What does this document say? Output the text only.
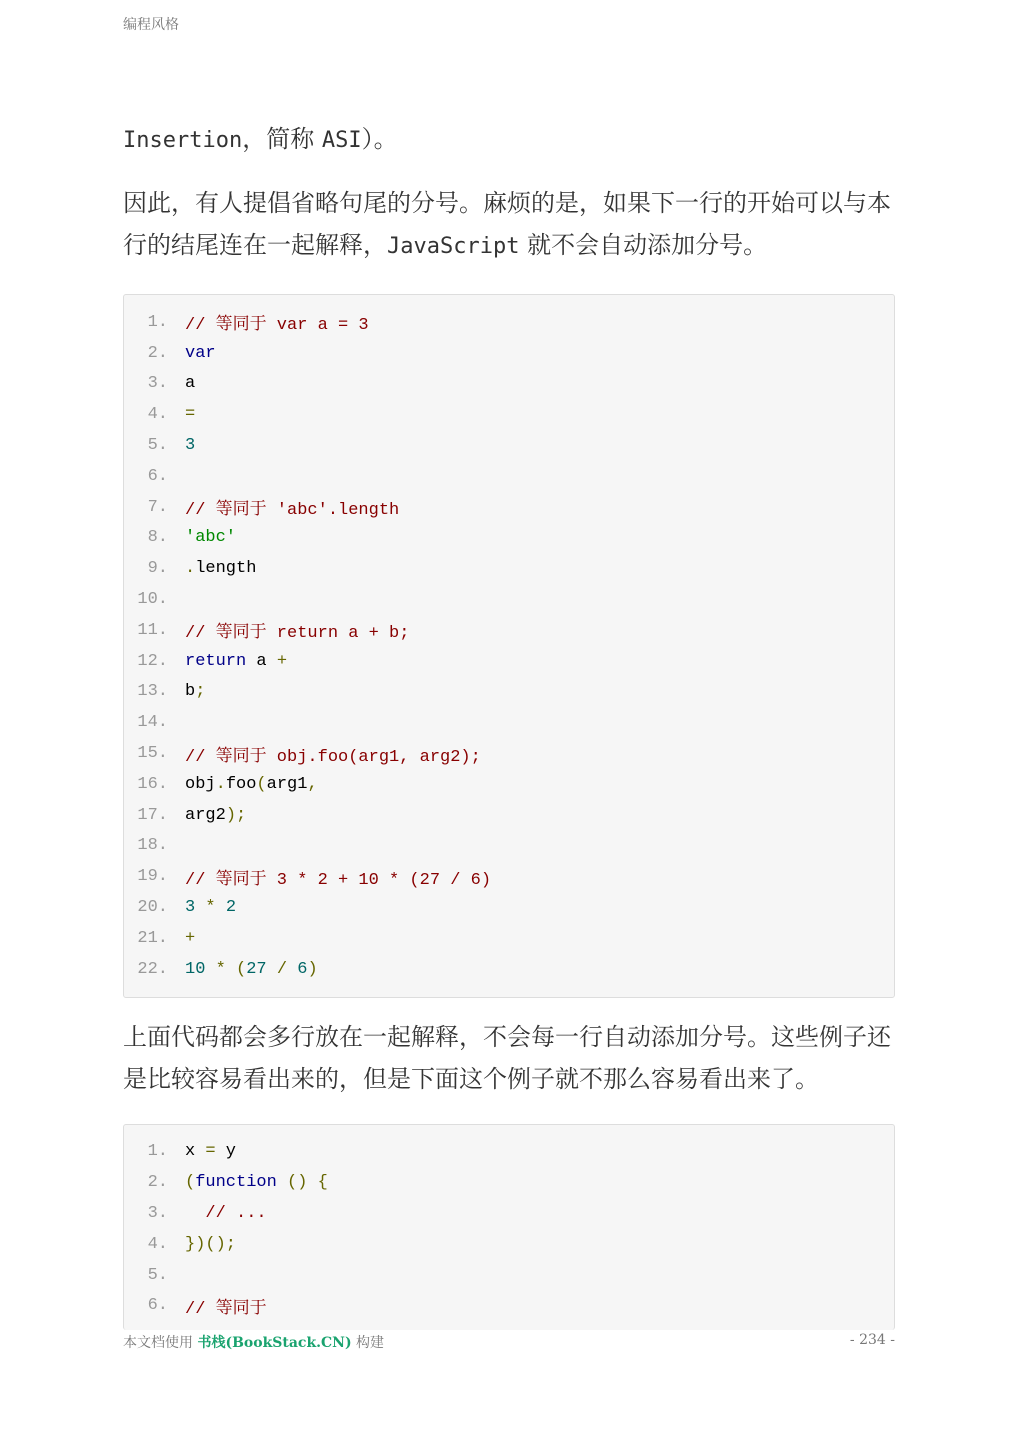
编程风格

Insertion，简称 ASI）。

因此，有人提倡省略句尾的分号。麻烦的是，如果下一行的开始可以与本行的结尾连在一起解释，JavaScript 就不会自动添加分号。

1.	// 等同于 var a = 3
2.	var
3.	a
4.	=
5.	3
6.
7.	// 等同于 'abc'.length
8.	'abc'
9.	.length
10.
11.	// 等同于 return a + b;
12.	return a +
13.	b;
14.
15.	// 等同于 obj.foo(arg1, arg2);
16.	obj.foo(arg1,
17.	arg2);
18.
19.	// 等同于 3 * 2 + 10 * (27 / 6)
20.	3 * 2
21.	+
22.	10 * (27 / 6)

上面代码都会多行放在一起解释，不会每一行自动添加分号。这些例子还是比较容易看出来的，但是下面这个例子就不那么容易看出来了。

1.	x = y
2.	(function () {
3.	// ...
4.	})();
5.
6.	// 等同于
本文档使用 书栈(BookStack.CN) 构建	- 234 -
